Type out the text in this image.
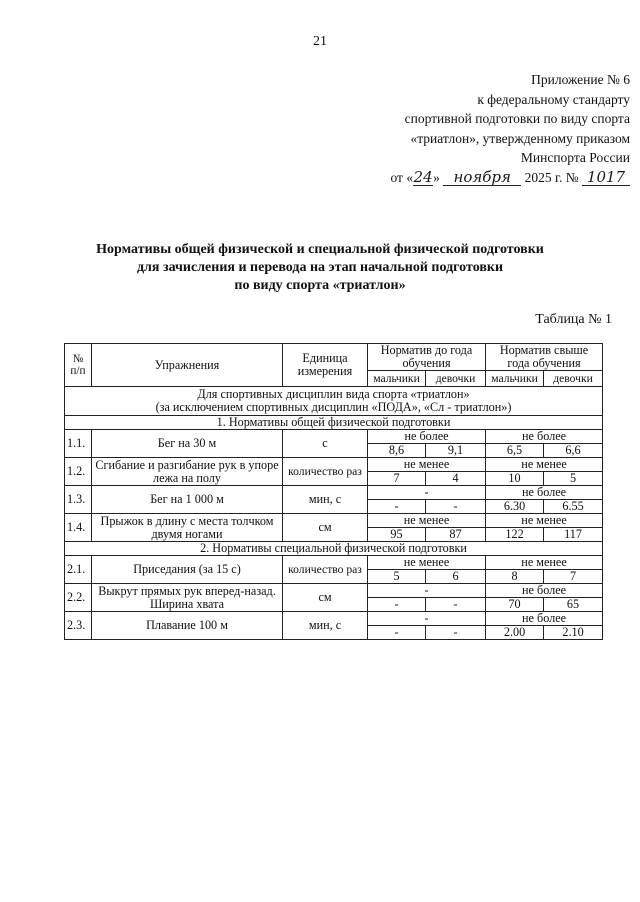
21
Приложение № 6
к федеральному стандарту
спортивной подготовки по виду спорта
«триатлон», утвержденному приказом
Минспорта России
от «24» ноября 2025 г. № 1017
Нормативы общей физической и специальной физической подготовки
для зачисления и перевода на этап начальной подготовки
по виду спорта «триатлон»
Таблица № 1
№ п/п	Упражнения	Единица измерения	Норматив до года обучения		Норматив свыше года обучения	
			мальчики	девочки	мальчики	девочки

Для спортивных дисциплин вида спорта «триатлон»
(за исключением спортивных дисциплин «ПОДА», «Сл - триатлон»)						

1. Нормативы общей физической подготовки						
1.1.	Бег на 30 м	с	не более		не более	
			8,6	9,1	6,5	6,6
1.2.	Сгибание и разгибание рук в упоре лежа на полу	количество раз	не менее		не менее	
			7	4	10	5
1.3.	Бег на 1 000 м	мин, с	-		не более	
			-	-	6.30	6.55
1.4.	Прыжок в длину с места толчком двумя ногами	см	не менее		не менее	
			95	87	122	117
2. Нормативы специальной физической подготовки						
2.1.	Приседания (за 15 с)	количество раз	не менее		не менее	
			5	6	8	7
2.2.	Выкрут прямых рук вперед-назад. Ширина хвата	см	-		не более	
			-	-	70	65
2.3.	Плавание 100 м	мин, с	-		не более	
			-	-	2.00	2.10
